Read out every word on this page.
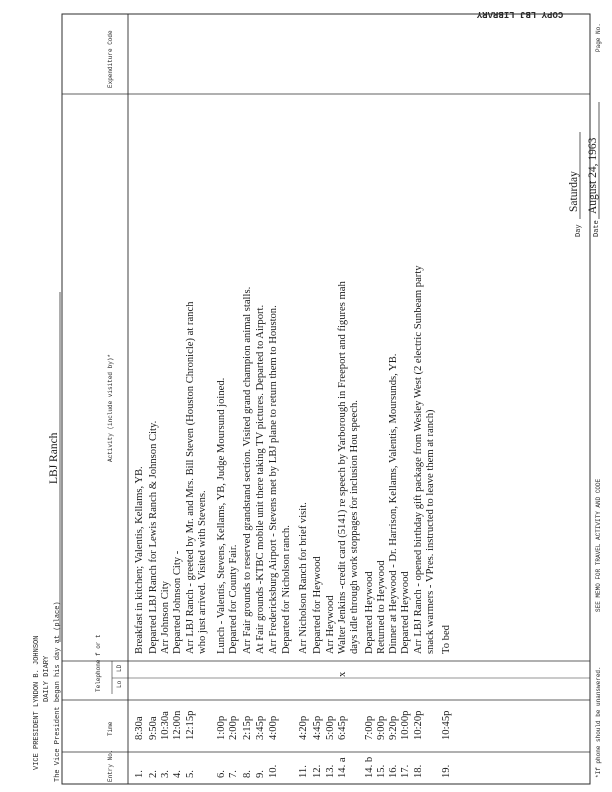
COPY LBJ LIBRARY
VICE PRESIDENT LYNDON B. JOHNSON DAILY DIARY The Vice President began his day at (place)
LBJ Ranch
Day
Saturday
Date
August 24, 1963
Entry No.
Time
Telephone f or t Lo
LD
Activity (include visited by)*
Expenditure Code
1.
8:30a
Breakfast in kitchen; Valentis, Kellams, YB.
2.
9:50a
Departed LBJ Ranch for Lewis Ranch & Johnson City.
3.
10:30a
Arr Johnson City
4.
12:00n
Departed Johnson City -
5.
12:15p
Arr LBJ Ranch - greeted by Mr. and Mrs. Bill Steven (Houston Chronicle) at ranch who just arrived. Visited with Stevens.
6.
1:00p
Lunch - Valentis, Stevens, Kellams, YB, Judge Moursund joined.
7.
2:00p
Departed for County Fair.
8.
2:15p
Arr Fair grounds to reserved grandstand section. Visited grand champion animal stalls.
9.
3:45p
At Fair grounds -KTBC mobile unit there taking TV pictures. Departed to Airport.
10.
4:00p
Arr Fredericksburg Airport - Stevens met by LBJ plane to return them to Houston. Departed for Nicholson ranch.
11.
4:20p
Arr Nicholson Ranch for brief visit.
12.
4:45p
Departed for Heywood
13.
5:00p
Arr Heywood
14. a
6:45p
x
Walter Jenkins -credit card (5141) re speech by Yarborough in Freeport and figures mah days idle through work stoppages for inclusion Hou speech.
14. b
7:00p
Departed Heywood
15.
9:00p
Returned to Heywood
16.
9:20p
Dinner at Heywood - Dr. Harrison, Kellams, Valentis, Moursunds, YB.
17.
10:00p
Departed Heywood
18.
10:20p
Arr LBJ Ranch - opened birthday gift package from Wesley West (2 electric Sunbeam party snack warmers - VPres. instructed to leave them at ranch)
19.
10:45p
To bed
*If phone should be unanswered.
SEE MEMO FOR TRAVEL ACTIVITY AND CODE
Page No.
